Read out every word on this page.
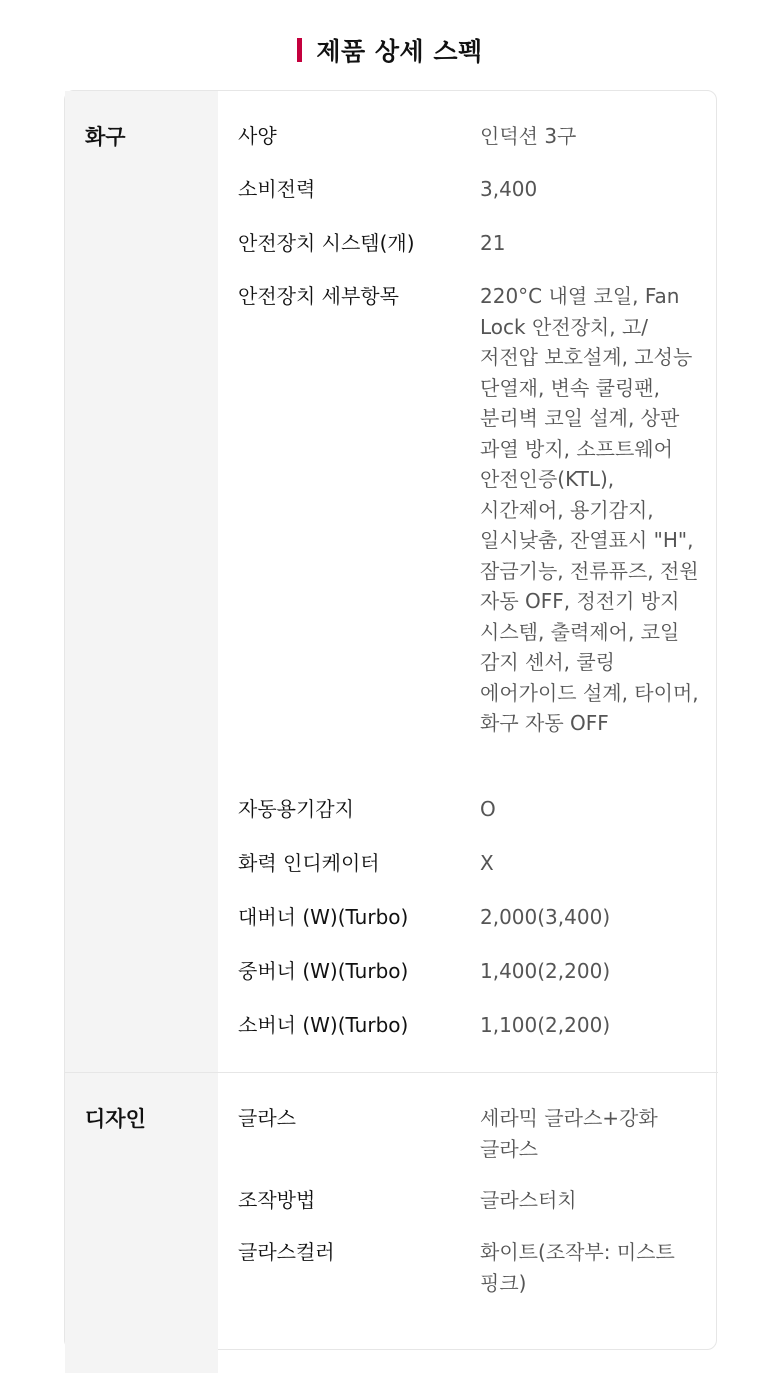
제품 상세 스펙
화구	사양	인덕션 3구
소비전력	3,400
안전장치 시스템(개)	21
안전장치 세부항목	220°C 내열 코일, Fan Lock 안전장치, 고/저전압 보호설계, 고성능 단열재, 변속 쿨링팬, 분리벽 코일 설계, 상판 과열 방지, 소프트웨어 안전인증(KTL), 시간제어, 용기감지, 일시낮춤, 잔열표시 "H", 잠금기능, 전류퓨즈, 전원 자동 OFF, 정전기 방지 시스템, 출력제어, 코일 감지 센서, 쿨링 에어가이드 설계, 타이머, 화구 자동 OFF
자동용기감지	O
화력 인디케이터	X
대버너 (W)(Turbo)	2,000(3,400)
중버너 (W)(Turbo)	1,400(2,200)
소버너 (W)(Turbo)	1,100(2,200)
디자인	글라스	세라믹 글라스+강화 글라스
조작방법	글라스터치
글라스컬러	화이트(조작부: 미스트 핑크)
